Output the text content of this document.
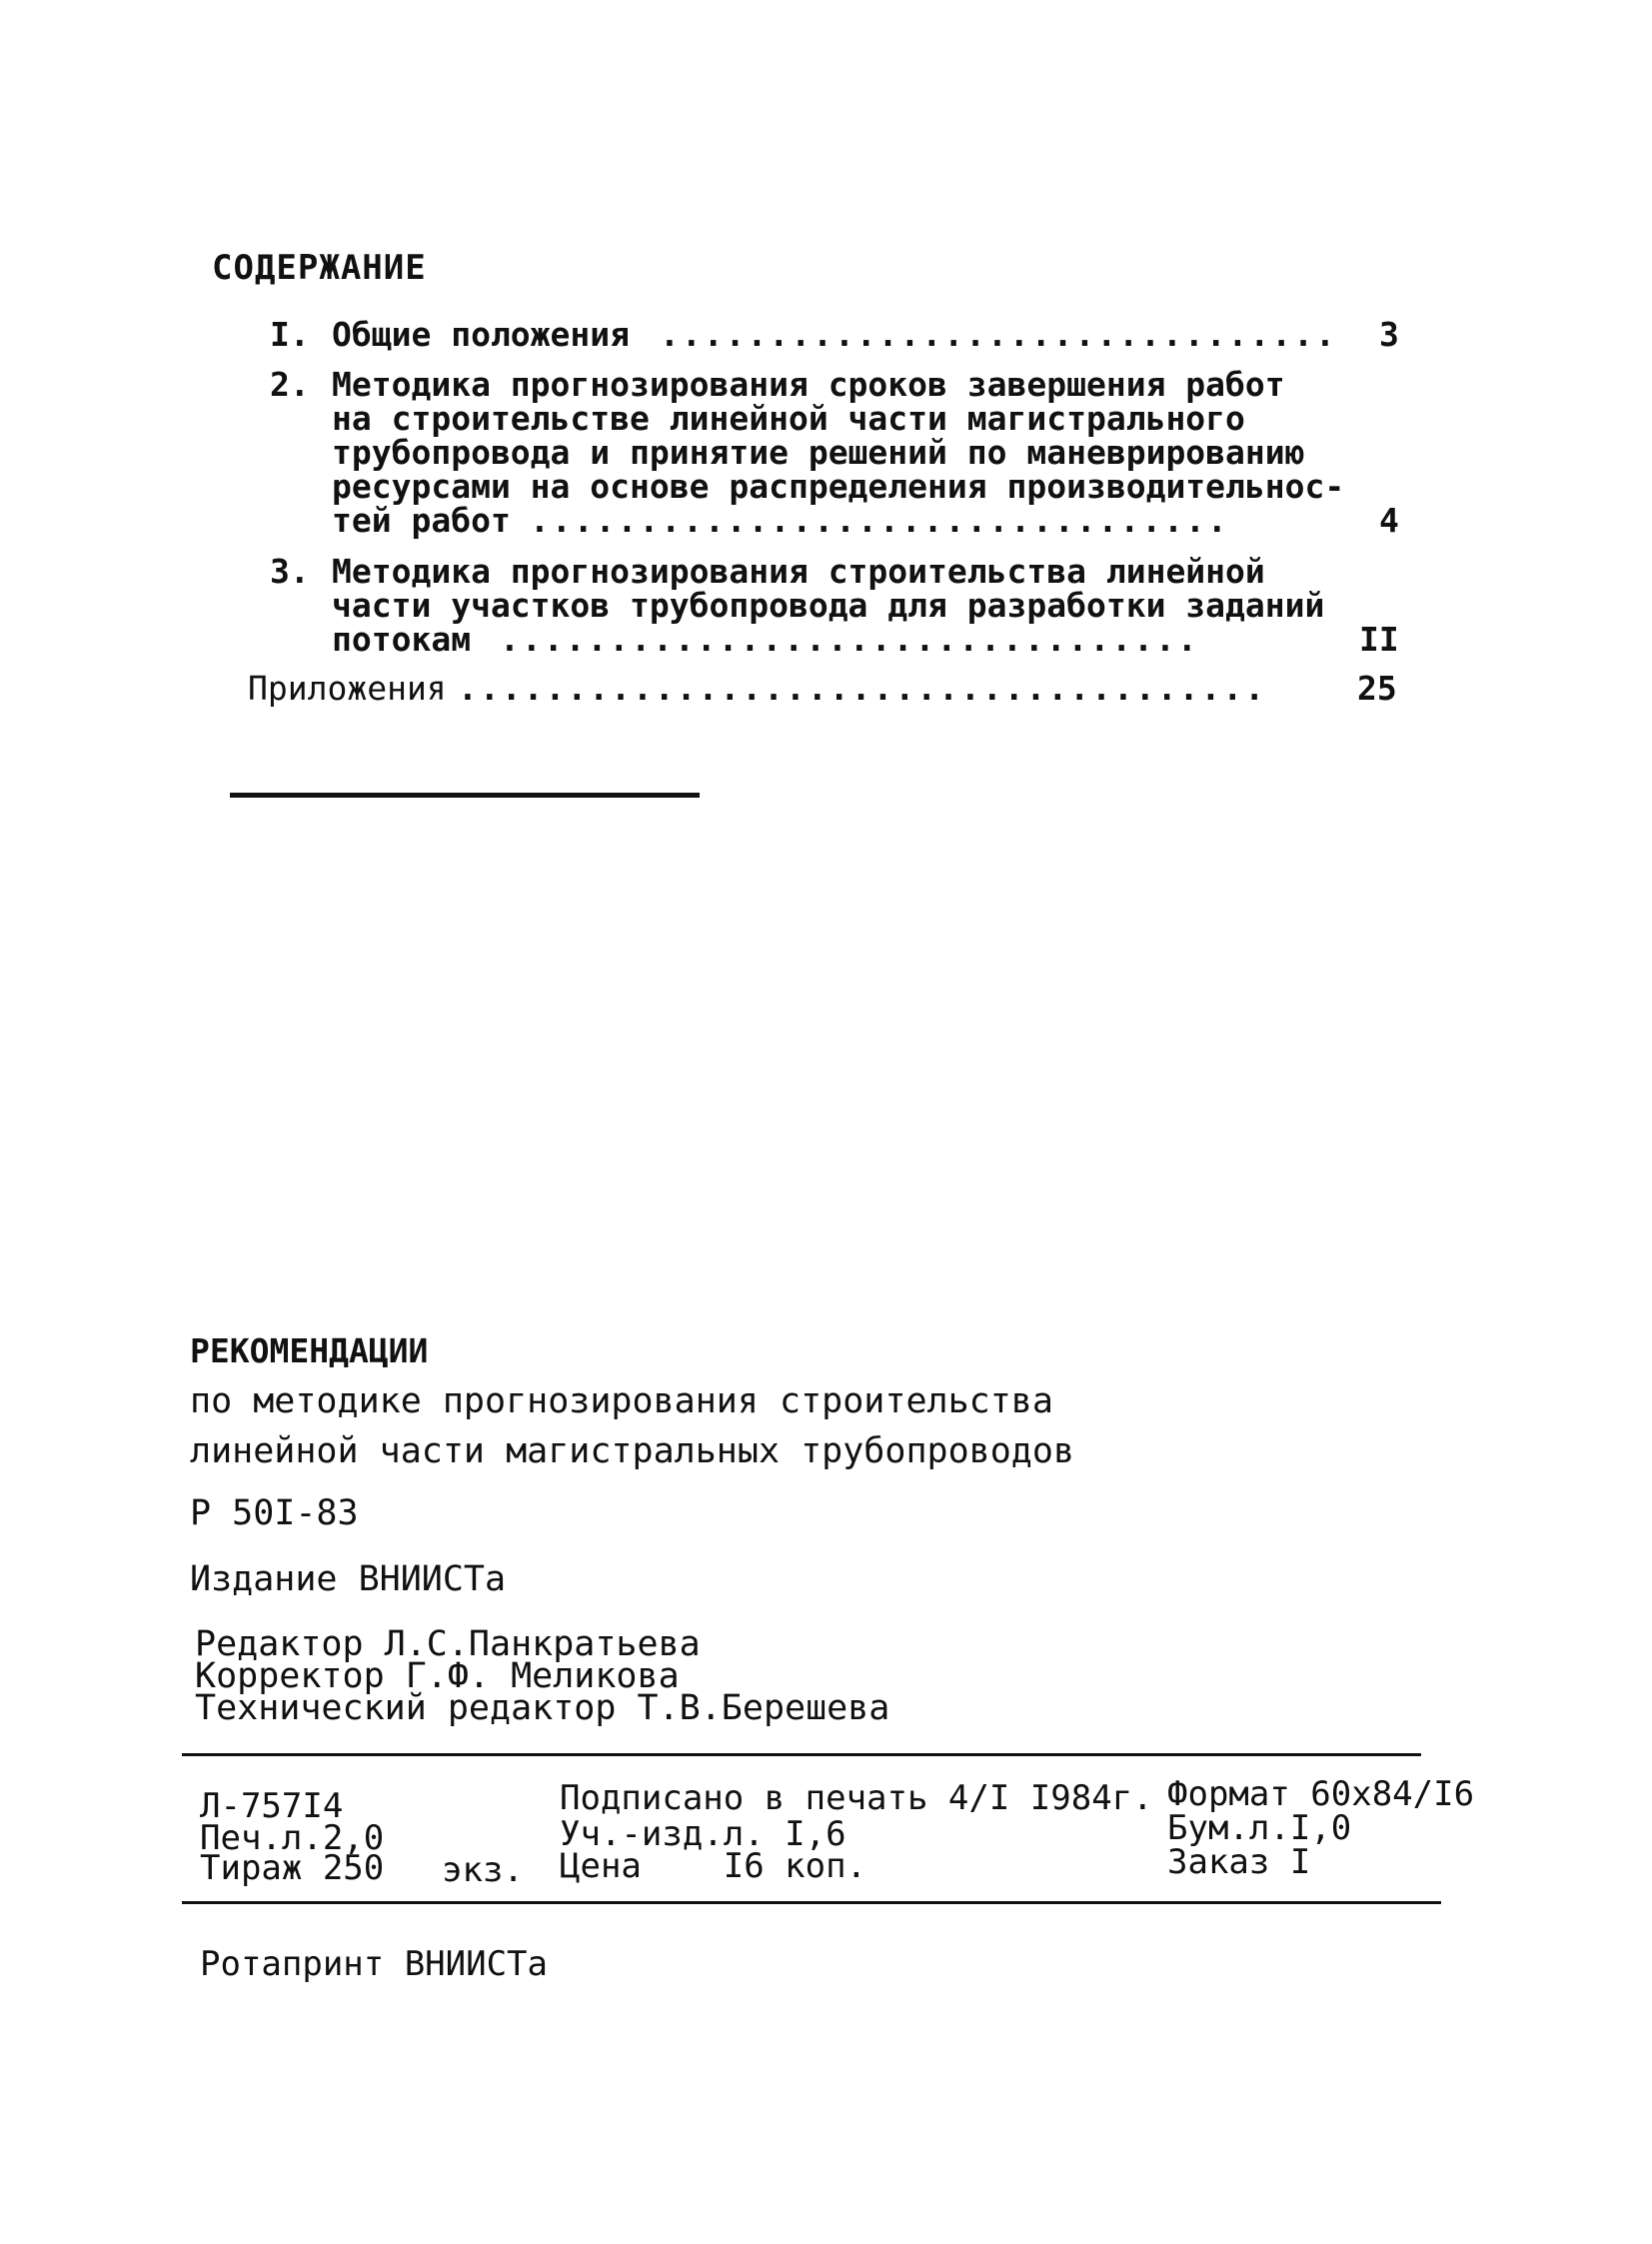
СОДЕРЖАНИЕ
I. Общие положения ............................... 3
2. Методика прогнозирования сроков завершения работ
на строительстве линейной части магистрального
трубопровода и принятие решений по маневрированию
ресурсами на основе распределения производительнос-
тей работ ................................	4
3. Методика прогнозирования строительства линейной
части участков трубопровода для разработки заданий
потокам ................................	II
Приложения .....................................	25
РЕКОМЕНДАЦИИ
по методике прогнозирования строительства
линейной части магистральных трубопроводов
Р 50I-83
Издание ВНИИСТа
Редактор Л.С.Панкратьева
Корректор Г.Ф. Меликова
Технический редактор Т.В.Берешева
Л-757I4	Подписано в печать 4/I I984г. Формат 60х84/I6
Печ.л.2,0	Уч.-изд.л. I,6	Бум.л.I,0
Тираж 250 экз. Цена    I6 коп.	Заказ I
Ротапринт ВНИИСТа
